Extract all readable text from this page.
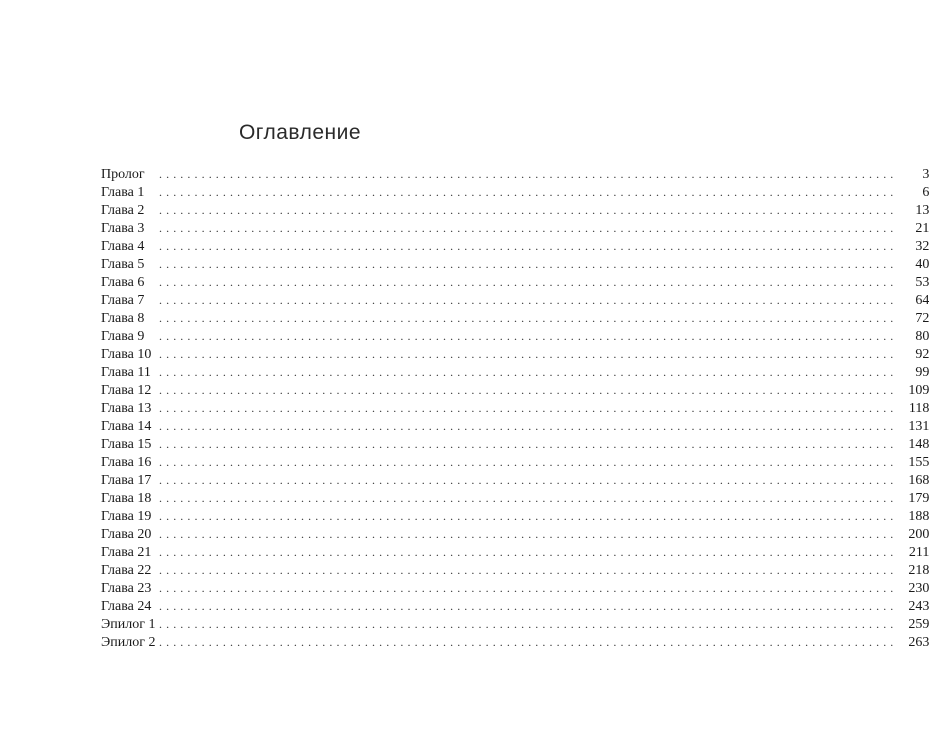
Оглавление
Пролог	........................................................................................................	3
Глава 1	........................................................................................................	6
Глава 2	........................................................................................................	13
Глава 3	........................................................................................................	21
Глава 4	........................................................................................................	32
Глава 5	........................................................................................................	40
Глава 6	........................................................................................................	53
Глава 7	........................................................................................................	64
Глава 8	........................................................................................................	72
Глава 9	........................................................................................................	80
Глава 10 ........................................................................................................	92
Глава 11 ........................................................................................................	99
Глава 12 ........................................................................................................ 109
Глава 13 ........................................................................................................ 118
Глава 14 ........................................................................................................ 131
Глава 15 ........................................................................................................ 148
Глава 16 ........................................................................................................ 155
Глава 17 ........................................................................................................ 168
Глава 18 ........................................................................................................ 179
Глава 19 ........................................................................................................ 188
Глава 20 ........................................................................................................ 200
Глава 21 ........................................................................................................ 211
Глава 22 ........................................................................................................ 218
Глава 23 ........................................................................................................ 230
Глава 24 ........................................................................................................ 243
Эпилог 1 ........................................................................................................ 259
Эпилог 2 ........................................................................................................ 263
